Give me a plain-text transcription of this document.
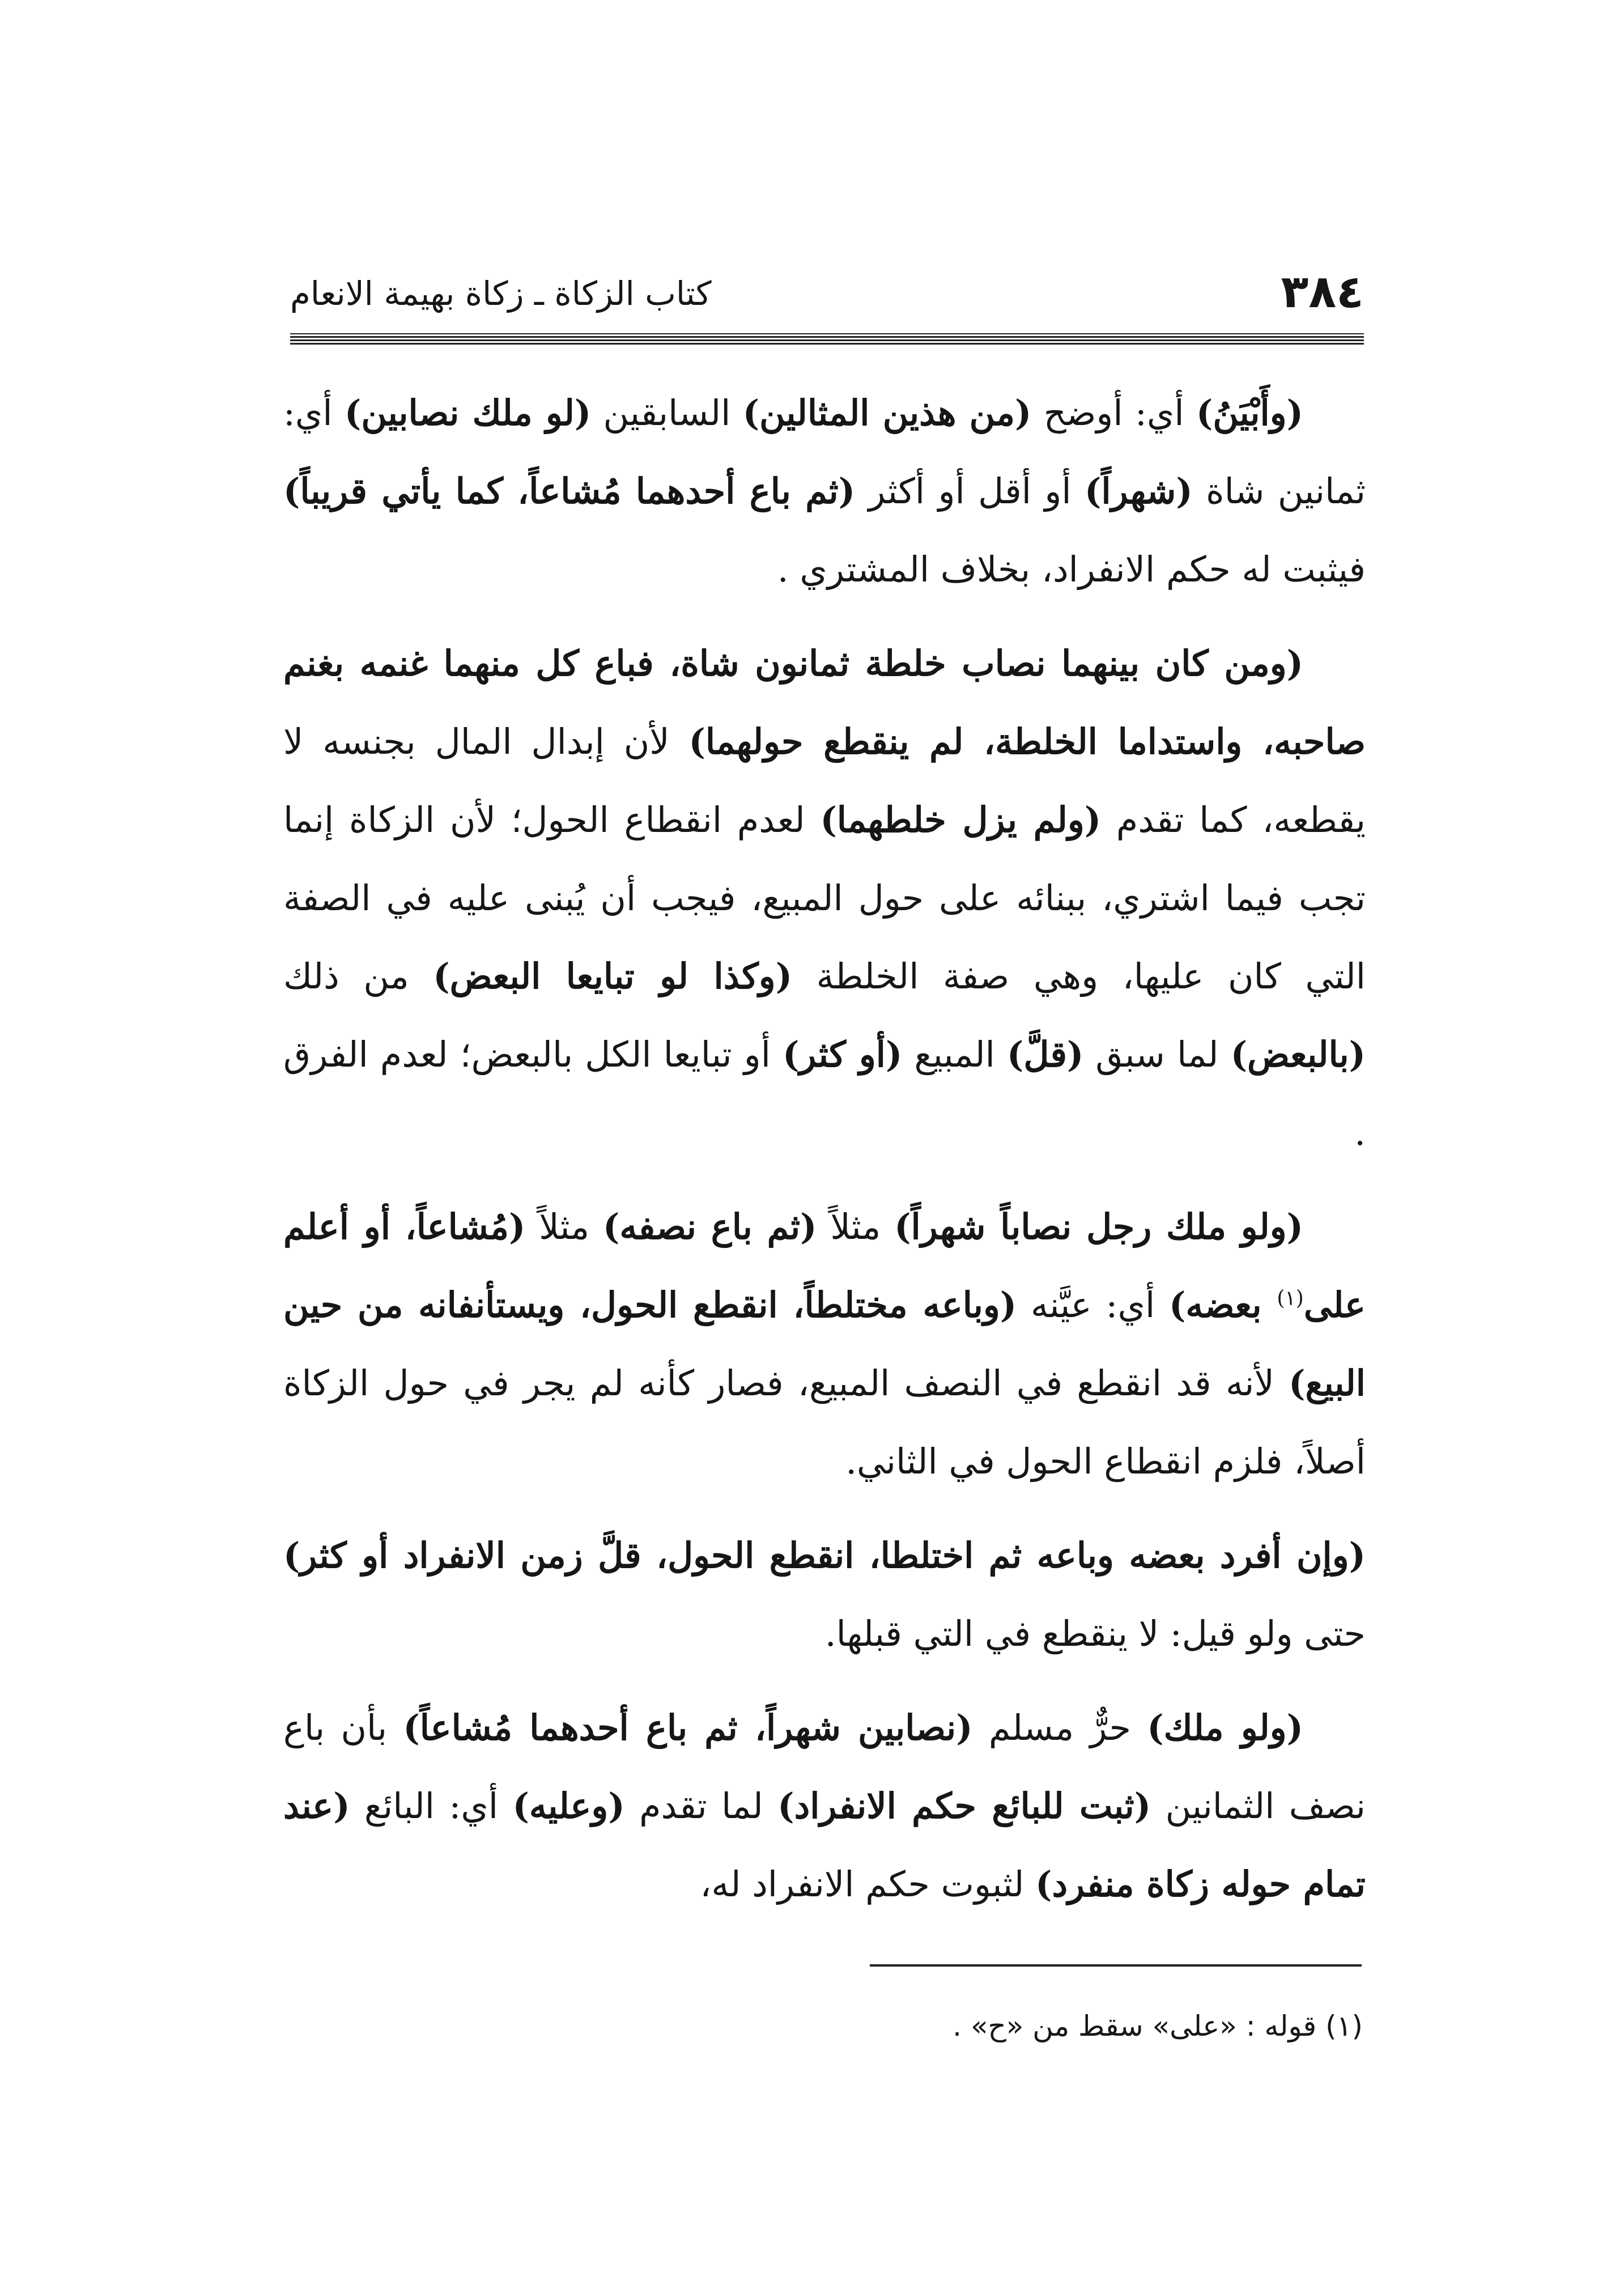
٣٨٤
كتاب الزكاة ـ زكاة بهيمة الانعام

(وأَبْيَنُ) أي: أوضح (من هذين المثالين) السابقين (لو ملك نصابين) أي: ثمانين شاة (شهراً) أو أقل أو أكثر (ثم باع أحدهما مُشاعاً، كما يأتي قريباً) فيثبت له حكم الانفراد، بخلاف المشتري .

(ومن كان بينهما نصاب خلطة ثمانون شاة، فباع كل منهما غنمه بغنم صاحبه، واستداما الخلطة، لم ينقطع حولهما) لأن إبدال المال بجنسه لا يقطعه، كما تقدم (ولم يزل خلطهما) لعدم انقطاع الحول؛ لأن الزكاة إنما تجب فيما اشتري، ببنائه على حول المبيع، فيجب أن يُبنى عليه في الصفة التي كان عليها، وهي صفة الخلطة (وكذا لو تبايعا البعض) من ذلك (بالبعض) لما سبق (قلَّ) المبيع (أو كثر) أو تبايعا الكل بالبعض؛ لعدم الفرق .

(ولو ملك رجل نصاباً شهراً) مثلاً (ثم باع نصفه) مثلاً (مُشاعاً، أو أعلم على$^{(١)}$ بعضه) أي: عيَّنه (وباعه مختلطاً، انقطع الحول، ويستأنفانه من حين البيع) لأنه قد انقطع في النصف المبيع، فصار كأنه لم يجر في حول الزكاة أصلاً، فلزم انقطاع الحول في الثاني.

(وإن أفرد بعضه وباعه ثم اختلطا، انقطع الحول، قلَّ زمن الانفراد أو كثر) حتى ولو قيل: لا ينقطع في التي قبلها.

(ولو ملك) حرٌّ مسلم (نصابين شهراً، ثم باع أحدهما مُشاعاً) بأن باع نصف الثمانين (ثبت للبائع حكم الانفراد) لما تقدم (وعليه) أي: البائع (عند تمام حوله زكاة منفرد) لثبوت حكم الانفراد له،

(١) قوله : «على» سقط من «ح» .
